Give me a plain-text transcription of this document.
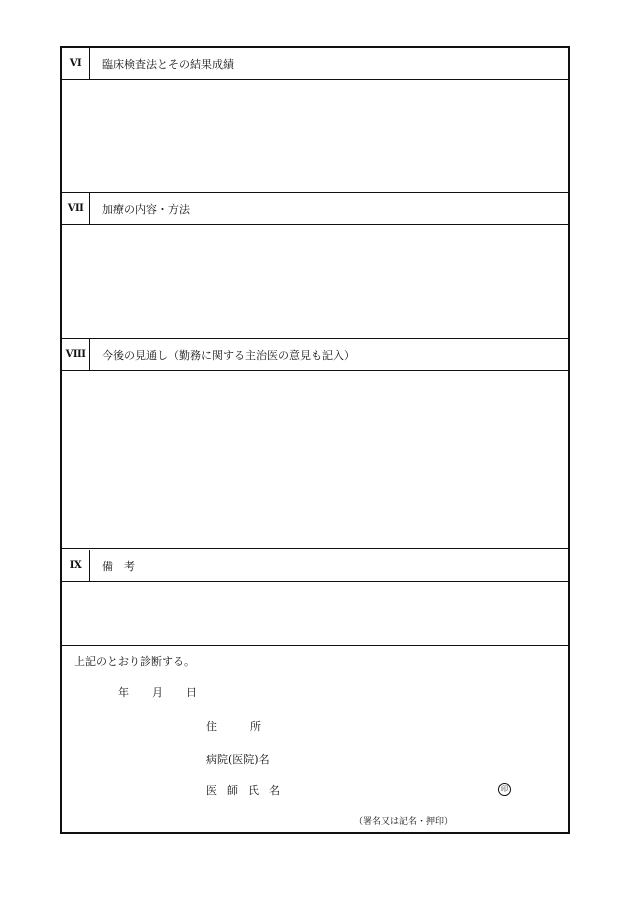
VI	臨床検査法とその結果成績
VII	加療の内容・方法
VIII	今後の見通し（勤務に関する主治医の意見も記入）
IX	備　考
上記のとおり診断する。
年 月 日
住　　　所
病院(医院)名
医師氏名	印
（署名又は記名・押印）
